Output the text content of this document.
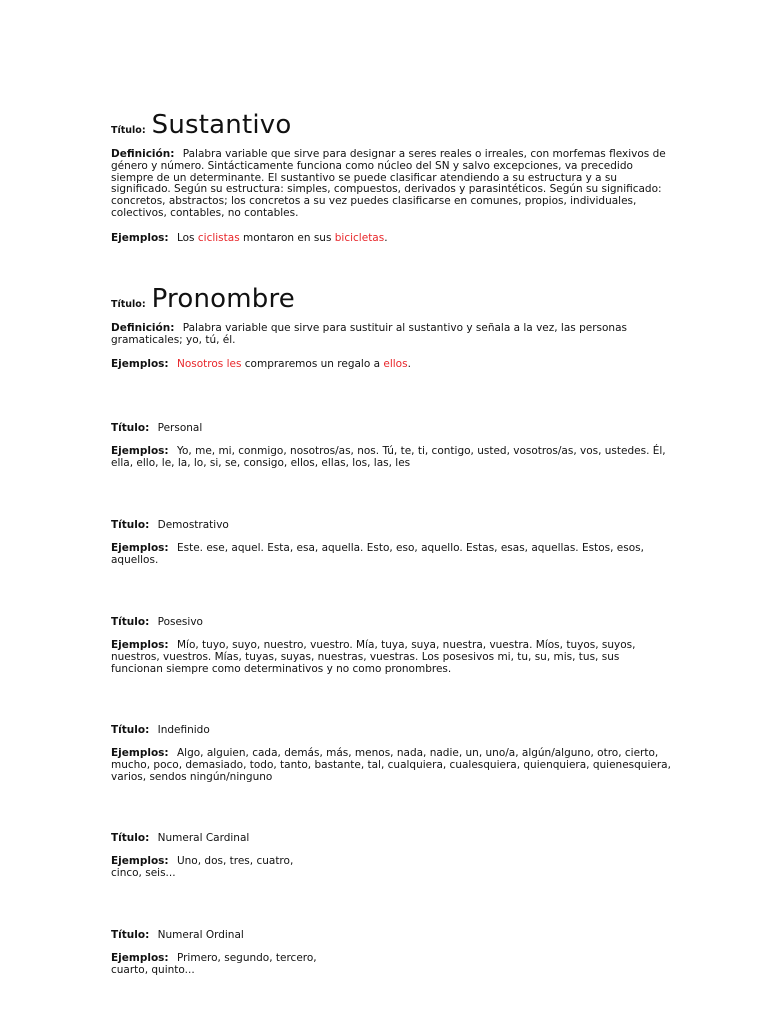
Título: Sustantivo

Definición: Palabra variable que sirve para designar a seres reales o irreales, con morfemas flexivos de género y número. Sintácticamente funciona como núcleo del SN y salvo excepciones, va precedido siempre de un determinante. El sustantivo se puede clasificar atendiendo a su estructura y a su significado. Según su estructura: simples, compuestos, derivados y parasintéticos. Según su significado: concretos, abstractos; los concretos a su vez puedes clasificarse en comunes, propios, individuales, colectivos, contables, no contables.

Ejemplos: Los ciclistas montaron en sus bicicletas.

Título: Pronombre

Definición: Palabra variable que sirve para sustituir al sustantivo y señala a la vez, las personas gramaticales; yo, tú, él.

Ejemplos: Nosotros les compraremos un regalo a ellos.

Título: Personal

Ejemplos: Yo, me, mi, conmigo, nosotros/as, nos. Tú, te, ti, contigo, usted, vosotros/as, vos, ustedes. Él, ella, ello, le, la, lo, si, se, consigo, ellos, ellas, los, las, les

Título: Demostrativo

Ejemplos: Este. ese, aquel. Esta, esa, aquella. Esto, eso, aquello. Estas, esas, aquellas. Estos, esos, aquellos.

Título: Posesivo

Ejemplos: Mío, tuyo, suyo, nuestro, vuestro. Mía, tuya, suya, nuestra, vuestra. Míos, tuyos, suyos, nuestros, vuestros. Mías, tuyas, suyas, nuestras, vuestras. Los posesivos mi, tu, su, mis, tus, sus funcionan siempre como determinativos y no como pronombres.

Título: Indefinido

Ejemplos: Algo, alguien, cada, demás, más, menos, nada, nadie, un, uno/a, algún/alguno, otro, cierto, mucho, poco, demasiado, todo, tanto, bastante, tal, cualquiera, cualesquiera, quienquiera, quienesquiera, varios, sendos ningún/ninguno

Título: Numeral Cardinal

Ejemplos: Uno, dos, tres, cuatro, cinco, seis...

Título: Numeral Ordinal

Ejemplos: Primero, segundo, tercero, cuarto, quinto...
